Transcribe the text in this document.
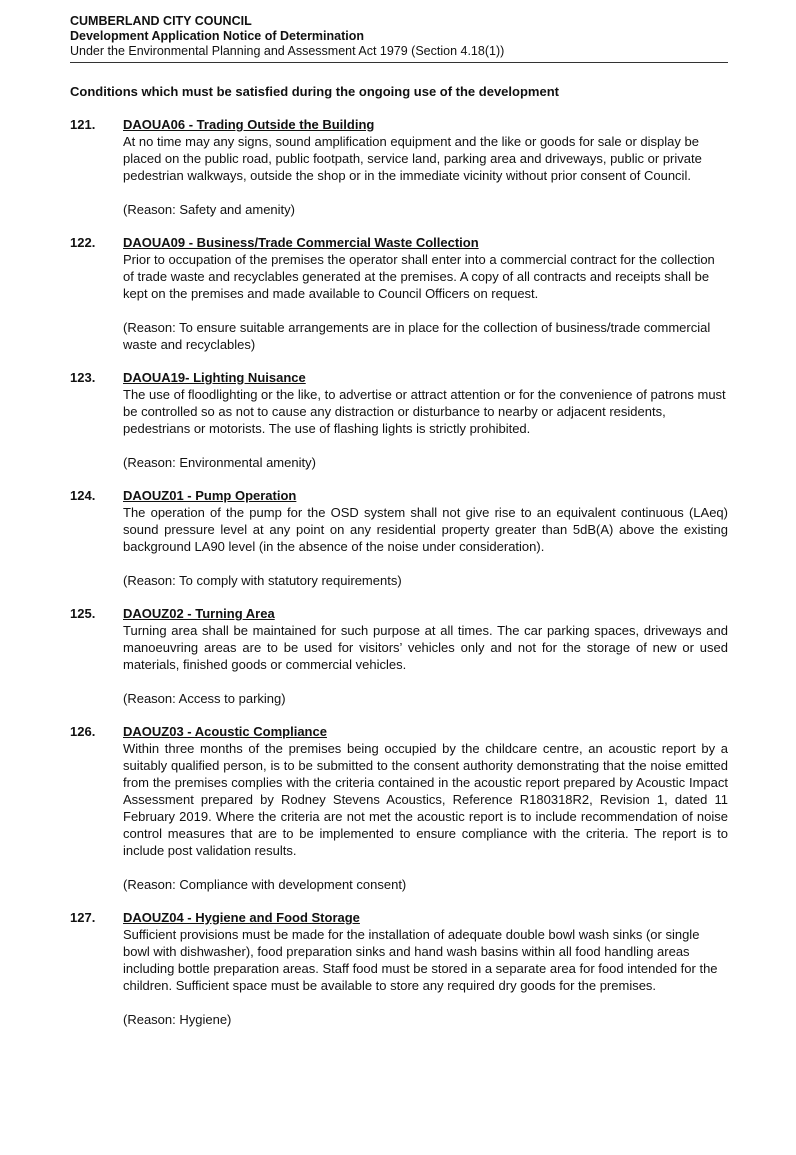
CUMBERLAND CITY COUNCIL
Development Application Notice of Determination
Under the Environmental Planning and Assessment Act 1979 (Section 4.18(1))
Conditions which must be satisfied during the ongoing use of the development
121. DAOUA06 - Trading Outside the Building

At no time may any signs, sound amplification equipment and the like or goods for sale or display be placed on the public road, public footpath, service land, parking area and driveways, public or private pedestrian walkways, outside the shop or in the immediate vicinity without prior consent of Council.

(Reason: Safety and amenity)

122. DAOUA09 - Business/Trade Commercial Waste Collection

Prior to occupation of the premises the operator shall enter into a commercial contract for the collection of trade waste and recyclables generated at the premises. A copy of all contracts and receipts shall be kept on the premises and made available to Council Officers on request.

(Reason: To ensure suitable arrangements are in place for the collection of business/trade commercial waste and recyclables)

123. DAOUA19- Lighting Nuisance

The use of floodlighting or the like, to advertise or attract attention or for the convenience of patrons must be controlled so as not to cause any distraction or disturbance to nearby or adjacent residents, pedestrians or motorists. The use of flashing lights is strictly prohibited.

(Reason: Environmental amenity)

124. DAOUZ01 - Pump Operation

The operation of the pump for the OSD system shall not give rise to an equivalent continuous (LAeq) sound pressure level at any point on any residential property greater than 5dB(A) above the existing background LA90 level (in the absence of the noise under consideration).

(Reason: To comply with statutory requirements)

125. DAOUZ02 - Turning Area

Turning area shall be maintained for such purpose at all times. The car parking spaces, driveways and manoeuvring areas are to be used for visitors’ vehicles only and not for the storage of new or used materials, finished goods or commercial vehicles.

(Reason: Access to parking)

126. DAOUZ03 - Acoustic Compliance

Within three months of the premises being occupied by the childcare centre, an acoustic report by a suitably qualified person, is to be submitted to the consent authority demonstrating that the noise emitted from the premises complies with the criteria contained in the acoustic report prepared by Acoustic Impact Assessment prepared by Rodney Stevens Acoustics, Reference R180318R2, Revision 1, dated 11 February 2019. Where the criteria are not met the acoustic report is to include recommendation of noise control measures that are to be implemented to ensure compliance with the criteria. The report is to include post validation results.

(Reason: Compliance with development consent)

127. DAOUZ04 - Hygiene and Food Storage

Sufficient provisions must be made for the installation of adequate double bowl wash sinks (or single bowl with dishwasher), food preparation sinks and hand wash basins within all food handling areas including bottle preparation areas. Staff food must be stored in a separate area for food intended for the children. Sufficient space must be available to store any required dry goods for the premises.

(Reason: Hygiene)
